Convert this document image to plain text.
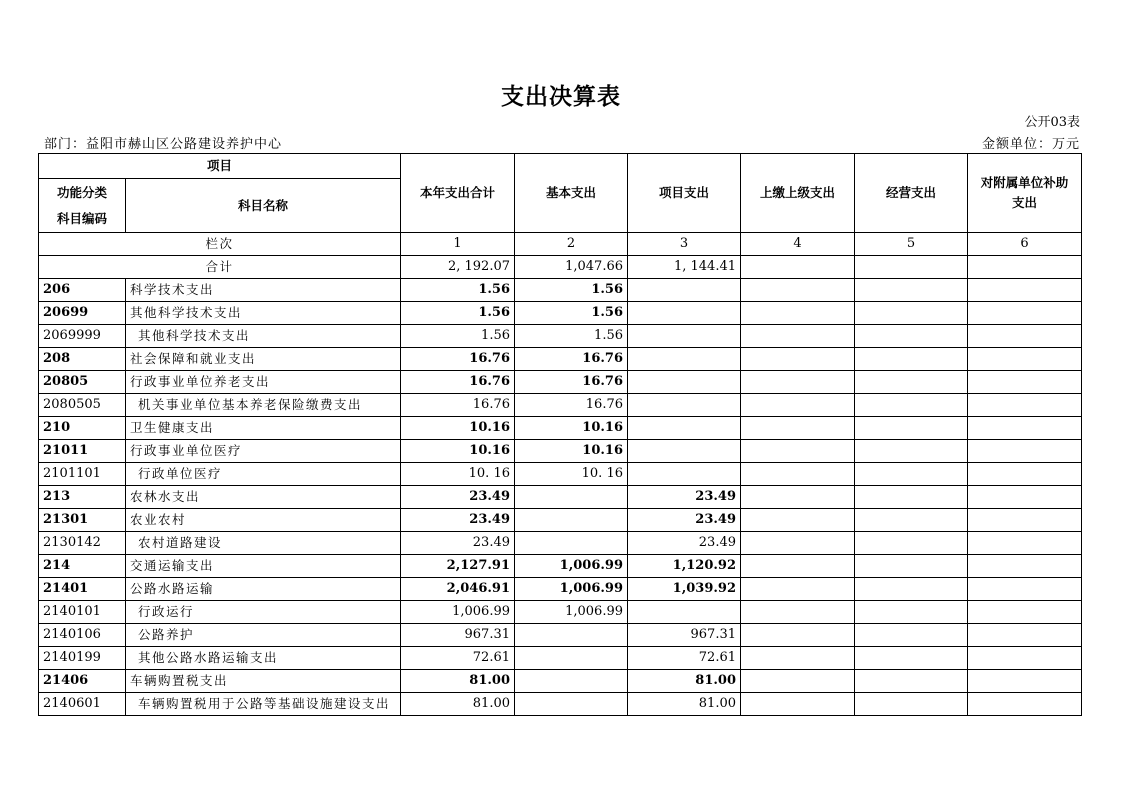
支出决算表
公开03表
部门：益阳市赫山区公路建设养护中心	金额单位：万元
项目		本年支出合计	基本支出	项目支出	上缴上级支出	经营支出	对附属单位补助
支出

功能分类
科目编码	科目名称						
栏次		1	2	3	4	5	6
合计		2, 192.07	1,047.66	1, 144.41			
206	科学技术支出	1.56	1.56				
20699	其他科学技术支出	1.56	1.56				
2069999	其他科学技术支出	1.56	1.56				
208	社会保障和就业支出	16.76	16.76				
20805	行政事业单位养老支出	16.76	16.76				
2080505	机关事业单位基本养老保险缴费支出	16.76	16.76				
210	卫生健康支出	10.16	10.16				
21011	行政事业单位医疗	10.16	10.16				
2101101	行政单位医疗	10. 16	10. 16				
213	农林水支出	23.49		23.49			
21301	农业农村	23.49		23.49			
2130142	农村道路建设	23.49		23.49			
214	交通运输支出	2,127.91	1,006.99	1,120.92			
21401	公路水路运输	2,046.91	1,006.99	1,039.92			
2140101	行政运行	1,006.99	1,006.99				
2140106	公路养护	967.31		967.31			
2140199	其他公路水路运输支出	72.61		72.61			
21406	车辆购置税支出	81.00		81.00			
2140601	车辆购置税用于公路等基础设施建设支出	81.00		81.00			
